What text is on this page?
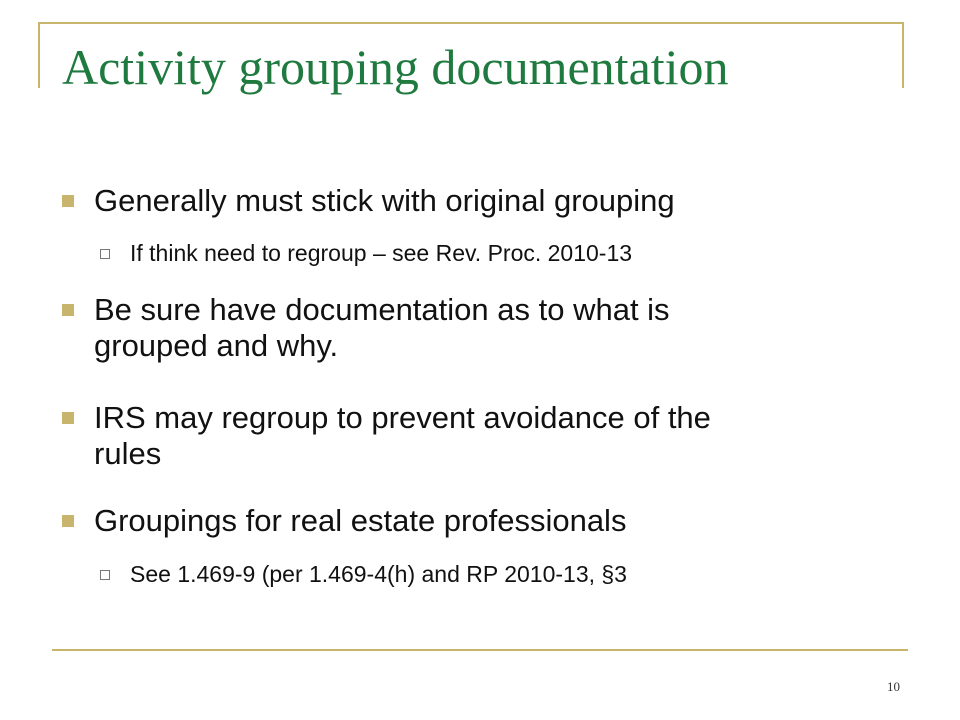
Activity grouping documentation
Generally must stick with original grouping
If think need to regroup – see Rev. Proc. 2010-13
Be sure have documentation as to what is
grouped and why.
IRS may regroup to prevent avoidance of the
rules
Groupings for real estate professionals
See 1.469-9 (per 1.469-4(h) and RP 2010-13, §3
10
